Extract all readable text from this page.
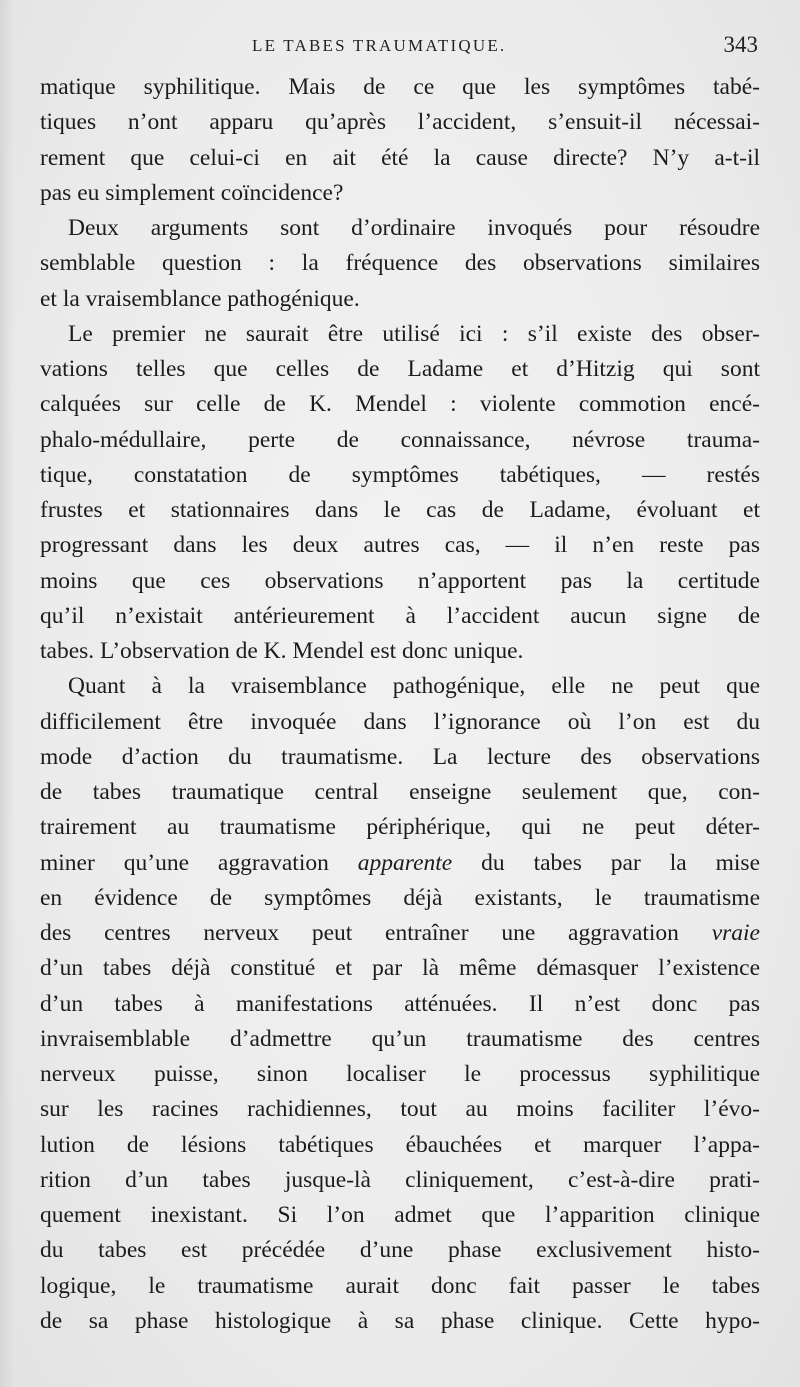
LE TABES TRAUMATIQUE.	343
matique syphilitique. Mais de ce que les symptômes tabé-
tiques n’ont apparu qu’après l’accident, s’ensuit-il nécessai-
rement que celui-ci en ait été la cause directe? N’y a-t-il
pas eu simplement coïncidence?
Deux arguments sont d’ordinaire invoqués pour résoudre
semblable question : la fréquence des observations similaires
et la vraisemblance pathogénique.
Le premier ne saurait être utilisé ici : s’il existe des obser-
vations telles que celles de Ladame et d’Hitzig qui sont
calquées sur celle de K. Mendel : violente commotion encé-
phalo-médullaire, perte de connaissance, névrose trauma-
tique, constatation de symptômes tabétiques, — restés
frustes et stationnaires dans le cas de Ladame, évoluant et
progressant dans les deux autres cas, — il n’en reste pas
moins que ces observations n’apportent pas la certitude
qu’il n’existait antérieurement à l’accident aucun signe de
tabes. L’observation de K. Mendel est donc unique.
Quant à la vraisemblance pathogénique, elle ne peut que
difficilement être invoquée dans l’ignorance où l’on est du
mode d’action du traumatisme. La lecture des observations
de tabes traumatique central enseigne seulement que, con-
trairement au traumatisme périphérique, qui ne peut déter-
miner qu’une aggravation apparente du tabes par la mise
en évidence de symptômes déjà existants, le traumatisme
des centres nerveux peut entraîner une aggravation vraie
d’un tabes déjà constitué et par là même démasquer l’existence
d’un tabes à manifestations atténuées. Il n’est donc pas
invraisemblable d’admettre qu’un traumatisme des centres
nerveux puisse, sinon localiser le processus syphilitique
sur les racines rachidiennes, tout au moins faciliter l’évo-
lution de lésions tabétiques ébauchées et marquer l’appa-
rition d’un tabes jusque-là cliniquement, c’est-à-dire prati-
quement inexistant. Si l’on admet que l’apparition clinique
du tabes est précédée d’une phase exclusivement histo-
logique, le traumatisme aurait donc fait passer le tabes
de sa phase histologique à sa phase clinique. Cette hypo-
